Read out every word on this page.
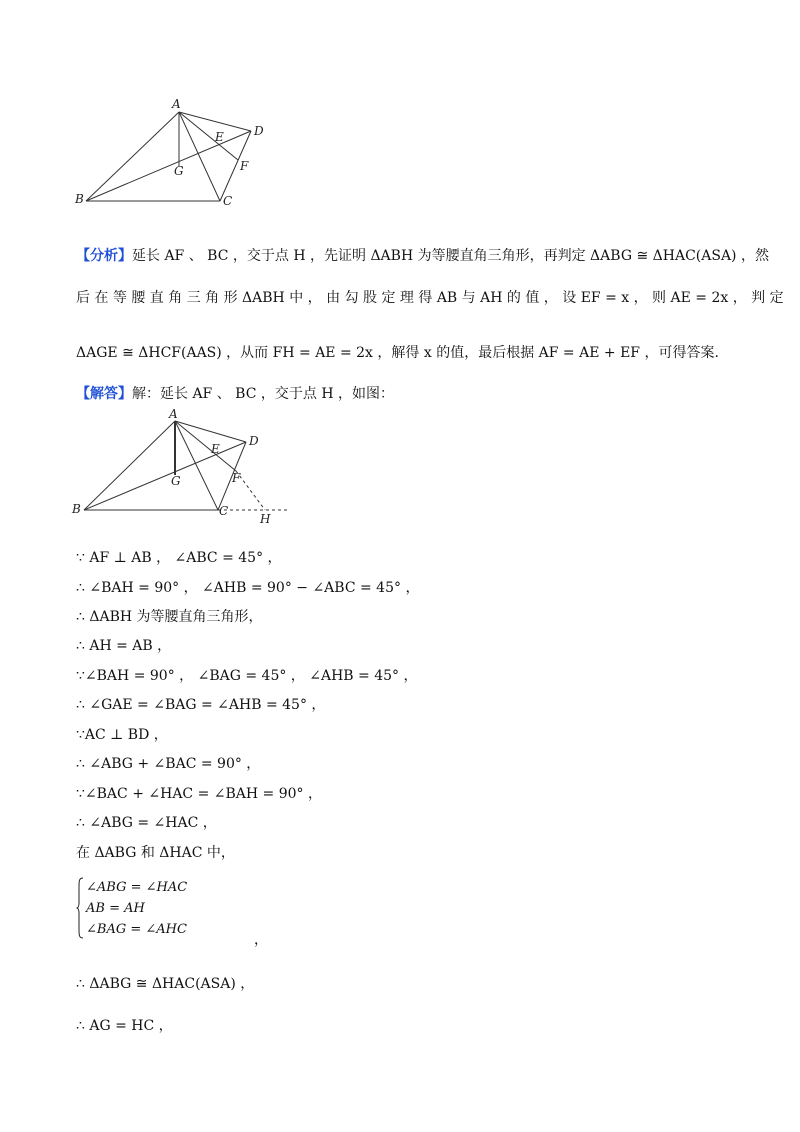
A
B	C
D
E
F
G
【分析】延长 AF 、 BC ，交于点 H ，先证明 ΔABH 为等腰直角三角形，再判定 ΔABG ≅ ΔHAC(ASA) ，然
后 在 等 腰 直 角 三 角 形 ΔABH 中 ， 由 勾 股 定 理 得 AB 与 AH 的 值 ， 设 EF = x ， 则 AE = 2x ， 判 定
ΔAGE ≅ ΔHCF(AAS) ，从而 FH = AE = 2x ，解得 x 的值，最后根据 AF = AE + EF ，可得答案.
【解答】解：延长 AF 、 BC ，交于点 H ，如图：
A
B	C
D
E
F
G
H
∵ AF ⊥ AB ， ∠ABC = 45° ，
∴ ∠BAH = 90° ， ∠AHB = 90° − ∠ABC = 45° ，
∴ ΔABH 为等腰直角三角形，
∴ AH = AB ，
∵∠BAH = 90° ， ∠BAG = 45° ， ∠AHB = 45° ，
∴ ∠GAE = ∠BAG = ∠AHB = 45° ，
∵AC ⊥ BD ，
∴ ∠ABG + ∠BAC = 90° ，
∵∠BAC + ∠HAC = ∠BAH = 90° ，
∴ ∠ABG = ∠HAC ，
在 ΔABG 和 ΔHAC 中，
∠ABG = ∠HAC
AB = AH
∠BAG = ∠AHC
，
∴ ΔABG ≅ ΔHAC(ASA) ，
∴ AG = HC ，
